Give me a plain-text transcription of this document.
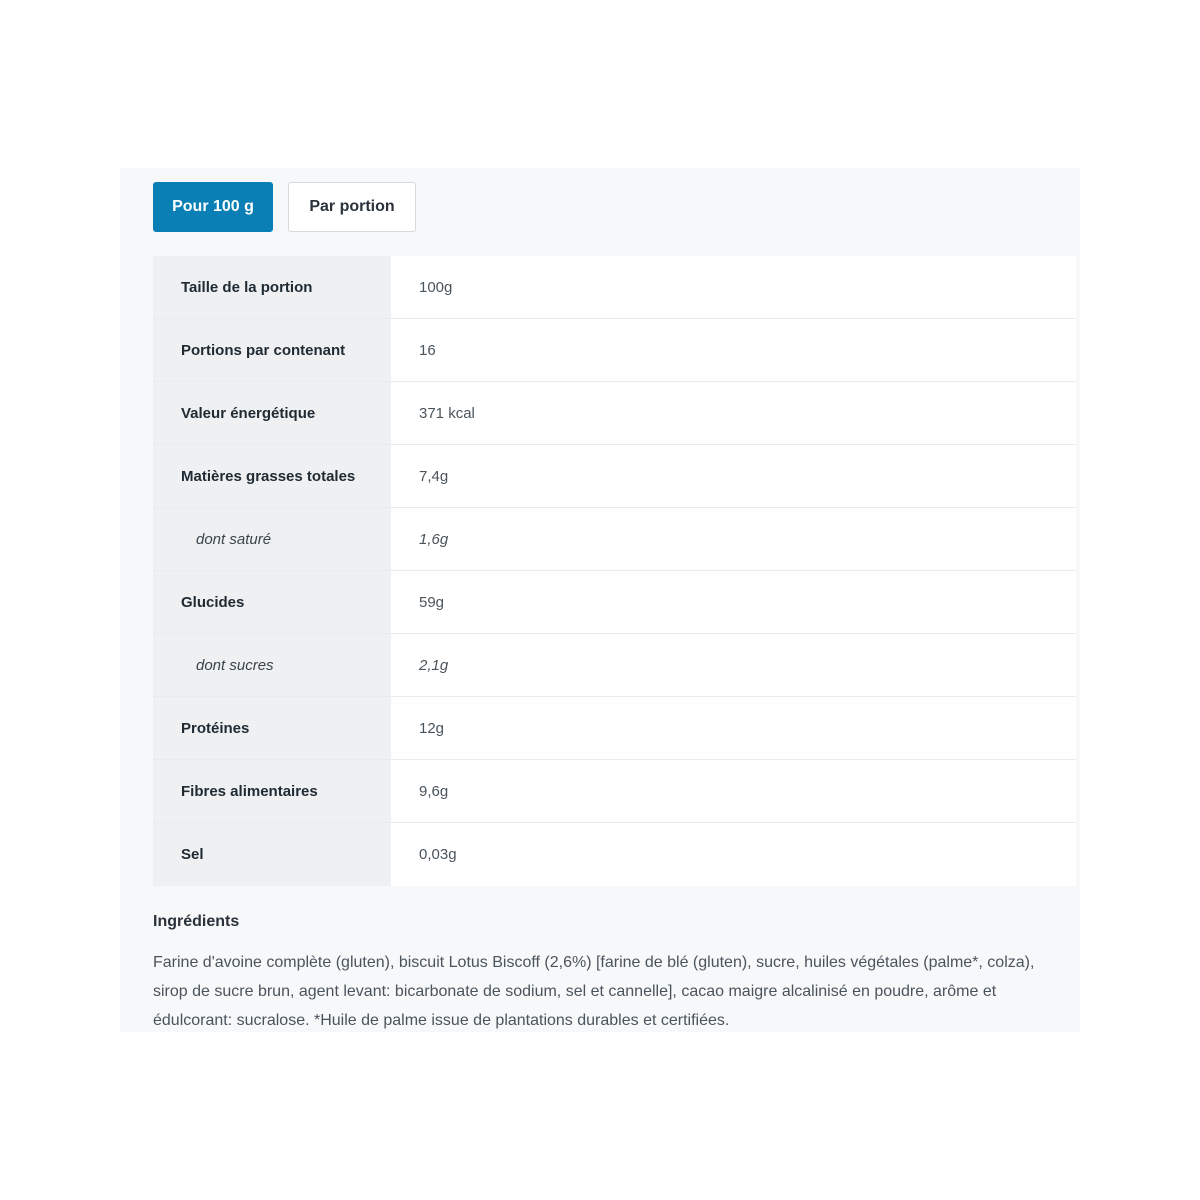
Pour 100 g	Par portion
Taille de la portion	100g
Portions par contenant	16
Valeur énergétique	371 kcal
Matières grasses totales	7,4g
dont saturé	1,6g
Glucides	59g
dont sucres	2,1g
Protéines	12g
Fibres alimentaires	9,6g
Sel	0,03g
Ingrédients
Farine d'avoine complète (gluten), biscuit Lotus Biscoff (2,6%) [farine de blé (gluten), sucre, huiles végétales (palme*, colza), sirop de sucre brun, agent levant: bicarbonate de sodium, sel et cannelle], cacao maigre alcalinisé en poudre, arôme et édulcorant: sucralose. *Huile de palme issue de plantations durables et certifiées.
